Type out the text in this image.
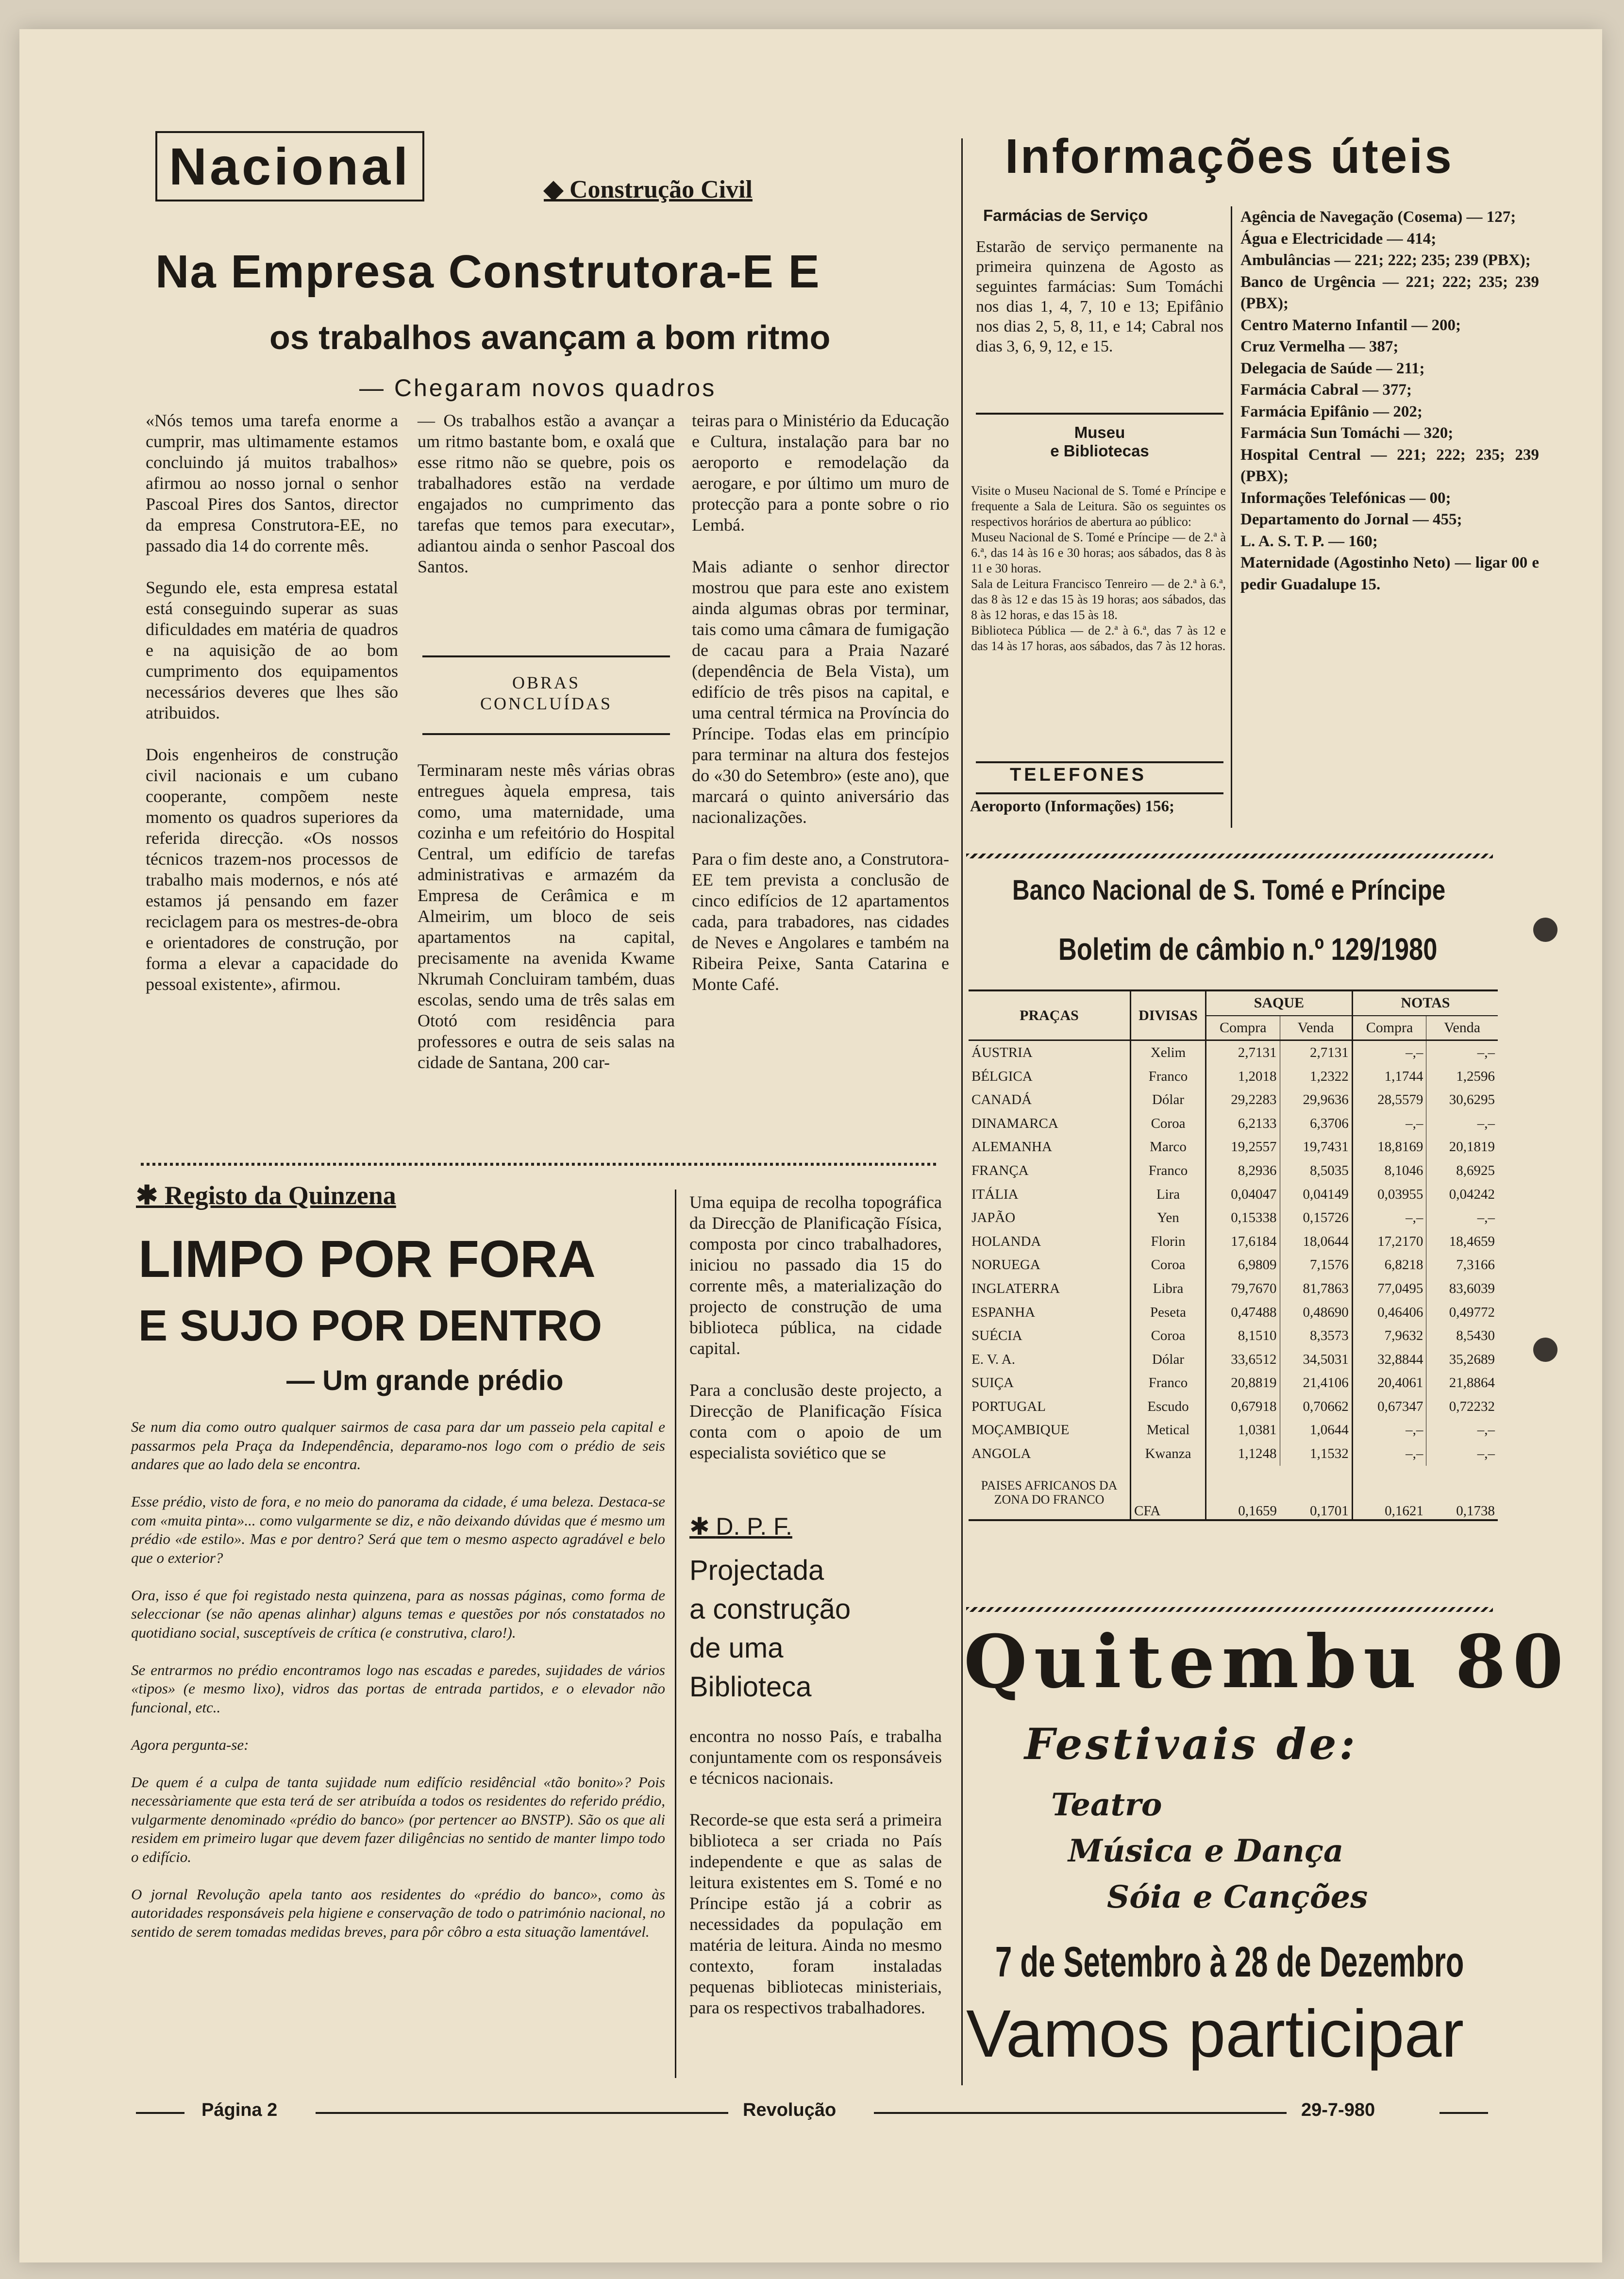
Nacional	◆ Construção Civil
Na Empresa Construtora-E E
os trabalhos avançam a bom ritmo
— Chegaram novos quadros

«Nós temos uma tarefa enorme a cumprir, mas ultimamente estamos concluindo já muitos trabalhos» afirmou ao nosso jornal o senhor Pascoal Pires dos Santos, director da empresa Construtora-EE, no passado dia 14 do corrente mês.

Segundo ele, esta empresa estatal está conseguindo superar as suas dificuldades em matéria de quadros e na aquisição de ao bom cumprimento dos equipamentos necessários deveres que lhes são atribuidos.

Dois engenheiros de construção civil nacionais e um cubano cooperante, compõem neste momento os quadros superiores da referida direcção. «Os nossos técnicos trazem-nos processos de trabalho mais modernos, e nós até estamos já pensando em fazer reciclagem para os mestres-de-obra e orientadores de construção, por forma a elevar a capacidade do pessoal existente», afirmou.

— Os trabalhos estão a avançar a um ritmo bastante bom, e oxalá que esse ritmo não se quebre, pois os trabalhadores estão na verdade engajados no cumprimento das tarefas que temos para executar», adiantou ainda o senhor Pascoal dos Santos.

OBRAS
CONCLUÍDAS

Terminaram neste mês várias obras entregues àquela empresa, tais como, uma maternidade, uma cozinha e um refeitório do Hospital Central, um edifício de tarefas administrativas e armazém da Empresa de Cerâmica e m Almeirim, um bloco de seis apartamentos na capital, precisamente na avenida Kwame Nkrumah Concluiram também, duas escolas, sendo uma de três salas em Ototó com residência para professores e outra de seis salas na cidade de Santana, 200 car-

teiras para o Ministério da Educação e Cultura, instalação para bar no aeroporto e remodelação da aerogare, e por último um muro de protecção para a ponte sobre o rio Lembá.

Mais adiante o senhor director mostrou que para este ano existem ainda algumas obras por terminar, tais como uma câmara de fumigação de cacau para a Praia Nazaré (dependência de Bela Vista), um edifício de três pisos na capital, e uma central térmica na Província do Príncipe. Todas elas em princípio para terminar na altura dos festejos do «30 do Setembro» (este ano), que marcará o quinto aniversário das nacionalizações.

Para o fim deste ano, a Construtora-EE tem prevista a conclusão de cinco edifícios de 12 apartamentos cada, para trabadores, nas cidades de Neves e Angolares e também na Ribeira Peixe, Santa Catarina e Monte Café.

✱ Registo da Quinzena
LIMPO POR FORA
E SUJO POR DENTRO
— Um grande prédio

Se num dia como outro qualquer sairmos de casa para dar um passeio pela capital e passarmos pela Praça da Independência, deparamo-nos logo com o prédio de seis andares que ao lado dela se encontra.

Esse prédio, visto de fora, e no meio do panorama da cidade, é uma beleza. Destaca-se com «muita pinta»... como vulgarmente se diz, e não deixando dúvidas que é mesmo um prédio «de estilo». Mas e por dentro? Será que tem o mesmo aspecto agradável e belo que o exterior?

Ora, isso é que foi registado nesta quinzena, para as nossas páginas, como forma de seleccionar (se não apenas alinhar) alguns temas e questões por nós constatados no quotidiano social, susceptíveis de crítica (e construtiva, claro!).

Se entrarmos no prédio encontramos logo nas escadas e paredes, sujidades de vários «tipos» (e mesmo lixo), vidros das portas de entrada partidos, e o elevador não funcional, etc..

Agora pergunta-se:

De quem é a culpa de tanta sujidade num edifício residêncial «tão bonito»? Pois necessàriamente que esta terá de ser atribuída a todos os residentes do referido prédio, vulgarmente denominado «prédio do banco» (por pertencer ao BNSTP). São os que ali residem em primeiro lugar que devem fazer diligências no sentido de manter limpo todo o edifício.

O jornal Revolução apela tanto aos residentes do «prédio do banco», como às autoridades responsáveis pela higiene e conservação de todo o património nacional, no sentido de serem tomadas medidas breves, para pôr côbro a esta situação lamentável.

Uma equipa de recolha topográfica da Direcção de Planificação Física, composta por cinco trabalhadores, iniciou no passado dia 15 do corrente mês, a materialização do projecto de construção de uma biblioteca pública, na cidade capital.

Para a conclusão deste projecto, a Direcção de Planificação Física conta com o apoio de um especialista soviético que se

✱ D. P. F.
Projectada
a construção
de uma
Biblioteca

encontra no nosso País, e trabalha conjuntamente com os responsáveis e técnicos nacionais.

Recorde-se que esta será a primeira biblioteca a ser criada no País independente e que as salas de leitura existentes em S. Tomé e no Príncipe estão já a cobrir as necessidades da população em matéria de leitura. Ainda no mesmo contexto, foram instaladas pequenas bibliotecas ministeriais, para os respectivos trabalhadores.

Informações úteis
Farmácias de Serviço

Estarão de serviço permanente na primeira quinzena de Agosto as seguintes farmácias: Sum Tomáchi nos dias 1, 4, 7, 10 e 13; Epifânio nos dias 2, 5, 8, 11, e 14; Cabral nos dias 3, 6, 9, 12, e 15.

Museu
e Bibliotecas

Visite o Museu Nacional de S. Tomé e Príncipe e frequente a Sala de Leitura. São os seguintes os respectivos horários de abertura ao público:
Museu Nacional de S. Tomé e Príncipe — de 2.ª à 6.ª, das 14 às 16 e 30 horas; aos sábados, das 8 às 11 e 30 horas.
Sala de Leitura Francisco Tenreiro — de 2.ª à 6.ª, das 8 às 12 e das 15 às 19 horas; aos sábados, das 8 às 12 horas, e das 15 às 18.
Biblioteca Pública — de 2.ª à 6.ª, das 7 às 12 e das 14 às 17 horas, aos sábados, das 7 às 12 horas.

TELEFONES
Aeroporto (Informações) 156;

Agência de Navegação (Cosema) — 127;
Água e Electricidade — 414;
Ambulâncias — 221; 222; 235; 239 (PBX);
Banco de Urgência — 221; 222; 235; 239 (PBX);
Centro Materno Infantil — 200;
Cruz Vermelha — 387;
Delegacia de Saúde — 211;
Farmácia Cabral — 377;
Farmácia Epifânio — 202;
Farmácia Sun Tomáchi — 320;
Hospital Central — 221; 222; 235; 239 (PBX);
Informações Telefónicas — 00;
Departamento do Jornal — 455;
L. A. S. T. P. — 160;
Maternidade (Agostinho Neto) — ligar 00 e pedir Guadalupe 15.

Banco Nacional de S. Tomé e Príncipe
Boletim de câmbio n.º 129/1980
PRAÇAS	DIVISAS	SAQUE		NOTAS	
		Compra	Venda	Compra	Venda
ÁUSTRIA	Xelim	2,7131	2,7131	–,–	–,–
BÉLGICA	Franco	1,2018	1,2322	1,1744	1,2596
CANADÁ	Dólar	29,2283	29,9636	28,5579	30,6295
DINAMARCA	Coroa	6,2133	6,3706	–,–	–,–
ALEMANHA	Marco	19,2557	19,7431	18,8169	20,1819
FRANÇA	Franco	8,2936	8,5035	8,1046	8,6925
ITÁLIA	Lira	0,04047	0,04149	0,03955	0,04242
JAPÃO	Yen	0,15338	0,15726	–,–	–,–
HOLANDA	Florin	17,6184	18,0644	17,2170	18,4659
NORUEGA	Coroa	6,9809	7,1576	6,8218	7,3166
INGLATERRA	Libra	79,7670	81,7863	77,0495	83,6039
ESPANHA	Peseta	0,47488	0,48690	0,46406	0,49772
SUÉCIA	Coroa	8,1510	8,3573	7,9632	8,5430
E. V. A.	Dólar	33,6512	34,5031	32,8844	35,2689
SUIÇA	Franco	20,8819	21,4106	20,4061	21,8864
PORTUGAL	Escudo	0,67918	0,70662	0,67347	0,72232
MOÇAMBIQUE	Metical	1,0381	1,0644	–,–	–,–
ANGOLA	Kwanza	1,1248	1,1532	–,–	–,–
PAISES AFRICANOS DA ZONA DO FRANCO	CFA	0,1659	0,1701	0,1621	0,1738
Quitembu 80
Festivais de:
Teatro
Música e Dança
Sóia e Canções
7 de Setembro à 28 de Dezembro
Vamos participar
Página 2	Revolução	29-7-980
